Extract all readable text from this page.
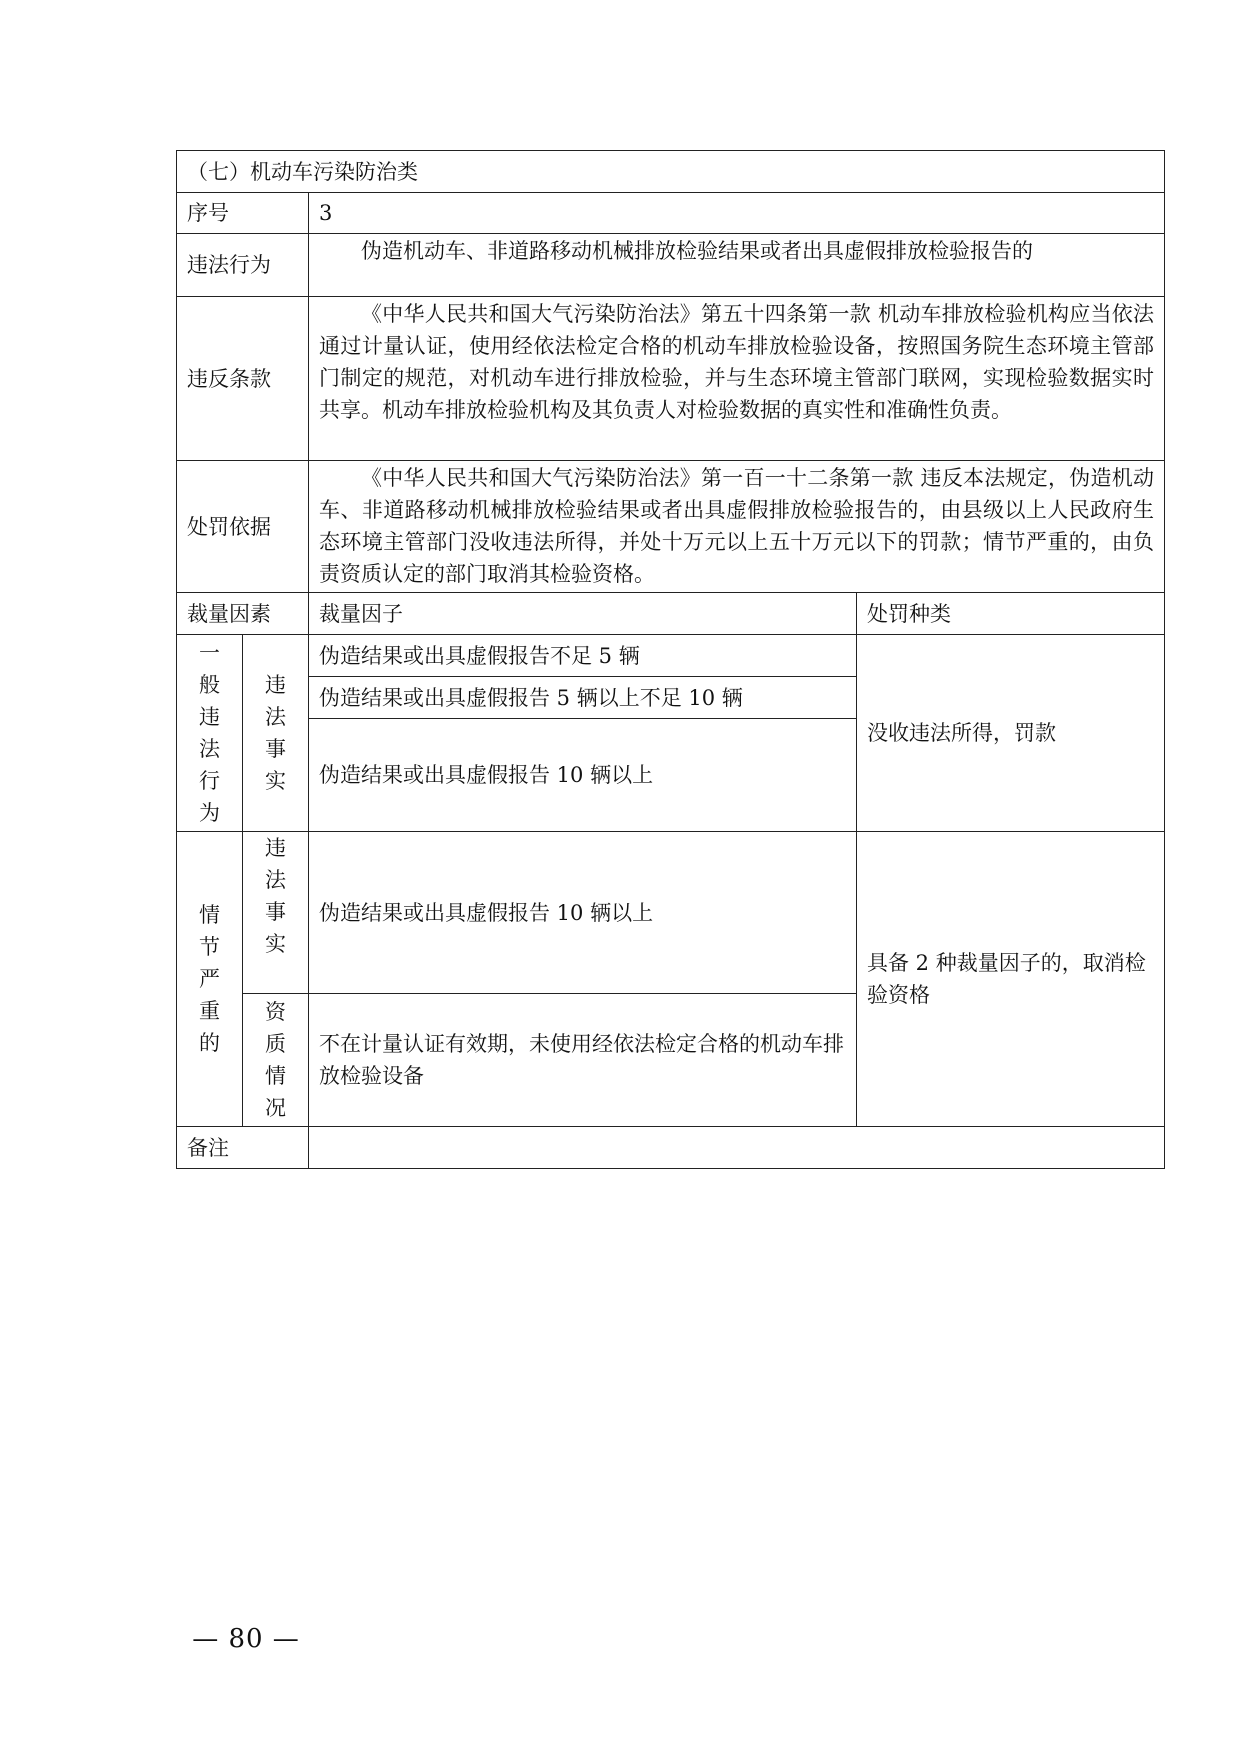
（七）机动车污染防治类			
序号		3	
违法行为		伪造机动车、非道路移动机械排放检验结果或者出具虚假排放检验报告的	

违反条款		《中华人民共和国大气污染防治法》第五十四条第一款 机动车排放检验机构应当依法通过计量认证，使用经依法检定合格的机动车排放检验设备，按照国务院生态环境主管部门制定的规范，对机动车进行排放检验，并与生态环境主管部门联网，实现检验数据实时共享。机动车排放检验机构及其负责人对检验数据的真实性和准确性负责。	

处罚依据		《中华人民共和国大气污染防治法》第一百一十二条第一款 违反本法规定，伪造机动车、非道路移动机械排放检验结果或者出具虚假排放检验报告的，由县级以上人民政府生态环境主管部门没收违法所得，并处十万元以上五十万元以下的罚款；情节严重的，由负责资质认定的部门取消其检验资格。	

裁量因素		裁量因子	处罚种类
一般违法行为	违法事实	伪造结果或出具虚假报告不足 5 辆	没收违法所得，罚款
		伪造结果或出具虚假报告 5 辆以上不足 10 辆	
		伪造结果或出具虚假报告 10 辆以上	
情节严重的	违法事实	伪造结果或出具虚假报告 10 辆以上	具备 2 种裁量因子的，取消检验资格
	资质情况	不在计量认证有效期，未使用经依法检定合格的机动车排放检验设备	
备注			
— 80 —
